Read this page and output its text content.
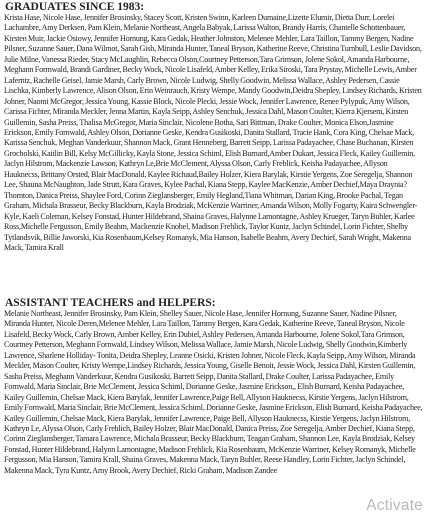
GRADUATES SINCE 1983:
Krista Hase, Nicole Hase, Jennifer Brosinsky, Stacey Scott, Kristen Swinn, Karleen Dumaine,Lizette Elumir, Dietta Durr, Lorelei Lachambre, Amy Derksen, Pam Klein, Melanie Northeast, Angela Babyak, Larissa Walton, Brandy Harris, Chantelle Schottenbauer, Kirsten Muir, Jackie Osiowy, Jennifer Hornung, Kara Gedak, Heather Johnston, Melenee Mehler, Lara Taillon, Tammy Bergen, Nadine Pilsner, Suzanne Sauer, Dana Wilmot, Sarah Gish, Miranda Hunter, Taneal Bryson, Katherine Reeve, Christina Turnbull, Leslie Davidson, Julie Milne, Vanessa Rieder, Stacy McLaughlin, Rebecca Olson,Courtney Petterson,Tara Grimson, Jolene Sokol, Amanda Harbourne, Meghann Formwald, Brandi Gardiner, Becky Wock, Nicole Lisafeld, Amber Kelley, Erika Siroski, Tara Prystay, Michelle Lewis, Amber Laferntz, Rachelle Geisel, Jamie Marsh, Carly Brown, Nicole Ludwig, Shelly Goodwin, Melissa Wallace, Ashley Pedersen, Cassie Lischka, Kimberly Lawrence, Alison Olson, Erin Weinrauch, Kristy Wempe, Mandy Goodwin,Deidra Shepley, Lindsey Richards, Kristen Johner, Naomi McGregor, Jessica Young, Kassie Block, Nicole Plecki, Jessie Wock, Jennifer Lawrence, Renee Pylypuk, Amy Wilson, Carissa Fichter, Miranda Meckler, Jenna Martin, Kayla Seipp, Ashley Senchuk, Jessica Dahl, Mason Coulter, Kierra Kjersem, Kirsten Guillemin, Sasha Preiss, Thalisa McGregor, Maria Sinclair, Nicolene Botha, Sari Bittman, Drake Coulter, Monica Elson,Jasmine Erickson, Emily Fornwald, Ashley Olson, Dorianne Geske, Kendra Gusikoski, Danita Stallard, Tracie Hank, Cora King, Chelsae Mack, Karissa Senchuk, Meghan Vanderkuur, Shannon Mack, Grant Henneberg, Barrett Seipp, Larissa Padayachee, Chase Buchanan, Kirsten Grocholski, Kaitlin Bill, Kelsy McGillicky, Kayla Stone, Jessica Schiml, Elish Burnard,Amber Dukart, Jessica Fleck, Kailey Guillemin, Jaclyn Hilstrom, Mackenzie Lawson, Kathryn Le,Brie McClement, Alyssa Olson, Carly Freblick, Keisha Padayachee, Allyson Hauknecss, Brittany Orsted, Blair MacDonald, Kaylee Richaud,Bailey Holzer, Kiera Barylak, Kirstie Yergens, Zoe Seregelja, Shannon Lee, Shauna McNaughton, Jade Strutt, Kara Graves, Kylee Pachal, Kiana Stepp, Kaylee MacKenzie, Amber Dechief,Maya Draynia?Thornton, Danica Preiss, Shaylee Ford, Corinn Zieglansberger, Emily Hegland,Tiana Whitman, Darian King, Brooke Pachal, Tegan Graham, Michala Brasseur, Becky Blackburn, Kayla Brodziak, McKenzie Warriner, Amanda Wilson, Molly Fogarty, Kaira Schwengler-Kyle, Kaeli Coleman, Kelsey Fonstad, Hunter Hildebrand, Shaina Graves, Halynne Lamontagne, Ashley Krueger, Taryn Buhler, Karlee Ross,Michelle Fergusson, Emily Beahm, Mackenzie Knohel, Madison Frehlick, Taylor Kuntz, Jaclyn Schindel, Lorin Fichter, Shelby Tytlandsvik, Billie Jaworski, Kia Rosenbaum,Kelsey Romanyk, Mia Hanson, Isabelle Beahm, Avery Dechief, Sarah Wright, Makenna Mack, Tamira Krall
ASSISTANT TEACHERS and HELPERS:
Melanie Northeast, Jennifer Brosinsky, Pam Klein, Shelley Sauer, Nicole Hase, Jennifer Hornung, Suzanne Sauer, Nadine Pilsner, Miranda Hunter, Nicole Deren,Melenee Mehler, Lara Taillon, Tammy Bergen, Kara Gedak, Katherine Reeve, Taneal Bryson, Nicole Lisafeld, Becky Wock, Carly Brown, Amber Kelley, Erin Dubiel, Ashley Pedersen, Amanda Harbourne, Jolene Sokol,Tara Grimson, Courtney Petterson, Meghann Fornwald, Lindsey Wilson, Melissa Wallace, Jamie Marsh, Nicole Ludwig, Shelly Goodwin,Kimberly Lawrence, Sharlene Holliday- Tonita, Deidra Shepley, Leanne Osicki, Kristen Johner, Nicole Fleck, Kayla Seipp, Amy Wilson, Miranda Meckler, Mason Coulter, Kristy Wempe,Lindsey Richards, Jessica Young, Giselle Benoit, Jessie Wock, Jessica Dahl, Kirsten Guillemin, Sasha Preiss, Meghann Vanderkuur, Kendra Gusikoski, Barrett Seipp, Danita Stallard, Drake Coulter, Larissa Padayachee, Emily Fornwald, Maria Sinclair, Brie McClement, Jessica Schiml, Dorianne Geske, Jasmine Erickson,, Elish Burnard, Keisha Padayachee, Kailey Guillemin, Chelsae Mack, Kiera Barylak, Jennifer Lawrence,Paige Bell, Allyson Hauknecss, Kirstie Yergens, Jaclyn Hilstrom, Emily Fornwald, Maria Sinclair, Brie McClement, Jessica Schiml, Dorianne Geske, Jasmine Erickson, Elish Burnard, Keisha Padayachee, Kailey Guillemin, Chelsae Mack, Kiera Barylak, Jennifer Lawrence, Paige Bell, Allyson Hauknecss, Kirstie Yergens, Jaclyn Hilstrom, Kathryn Le, Alyssa Olson, Carly Frehlich, Bailey Holzer, Blair MacDonald, Danica Preiss, Zoe Seregelja, Amber Dechief, Kiana Stepp, Corinn Zieglansberger, Tamara Lawrence, Michala Brasseur, Becky Blackburn, Teagan Graham, Shannon Lee, Kayla Brodziak, Kelsey Fonstad, Hunter Hildebrand, Halynn Lamontagne, Madison Frehlick, Kia Rosenbaum, McKenzie Warriner, Kelsey Romanyk, Michelle Fergusson, Mia Hanson, Tamira Krall, Shaina Graves, Makenna Mack, Taryn Buhler, Reese Handley, Lorin Fichter, Jaclyn Schindel, Makenna Mack, Tyra Kuntz, Amy Brook, Avery Dechief, Ricki Graham, Madison Zandee
Activate
